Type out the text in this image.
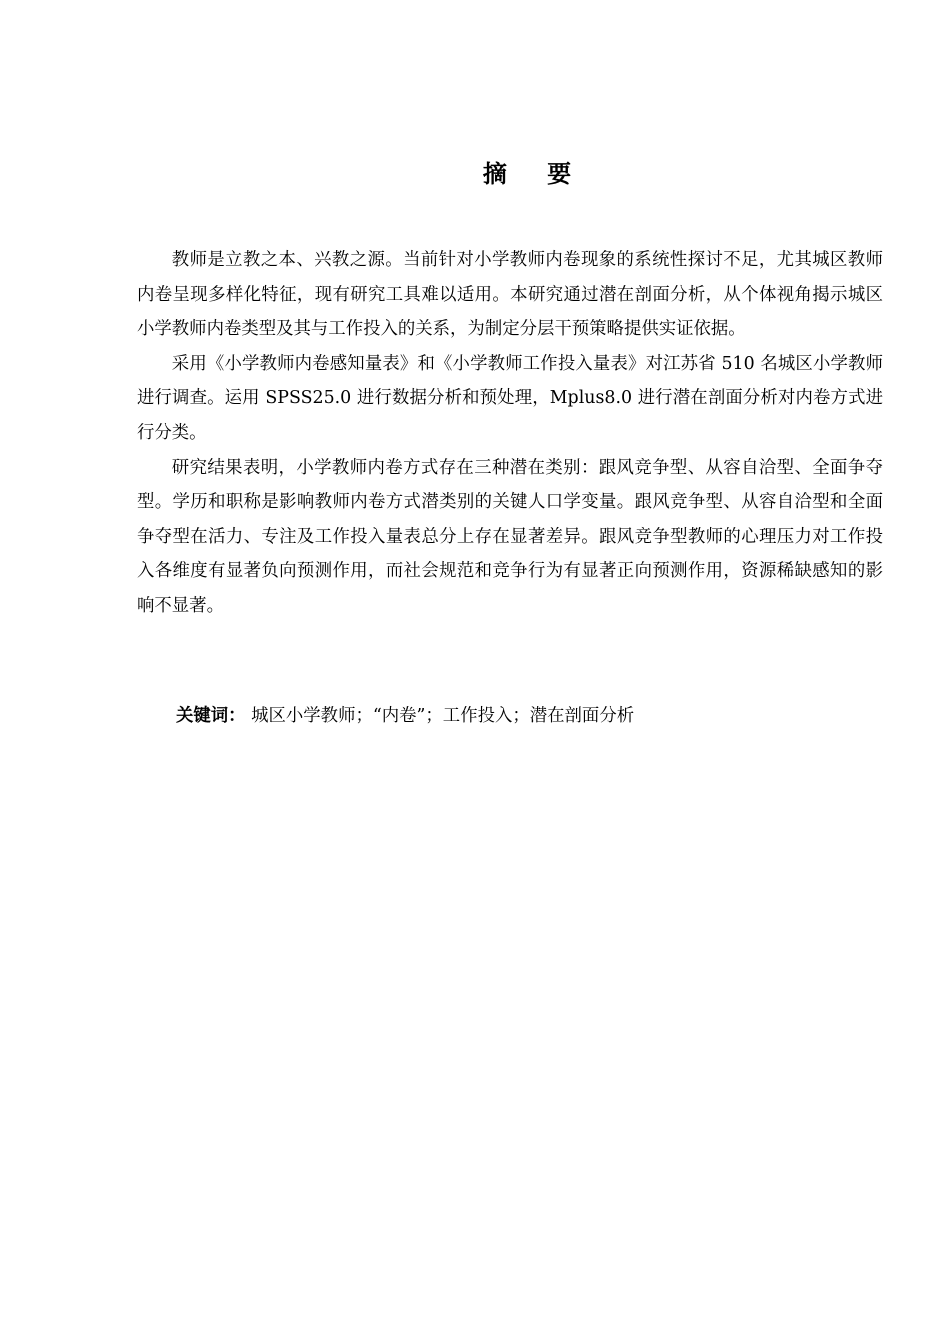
摘 要

教师是立教之本、兴教之源。当前针对小学教师内卷现象的系统性探讨不足，尤其城区教师内卷呈现多样化特征，现有研究工具难以适用。本研究通过潜在剖面分析，从个体视角揭示城区小学教师内卷类型及其与工作投入的关系，为制定分层干预策略提供实证依据。

采用《小学教师内卷感知量表》和《小学教师工作投入量表》对江苏省 510 名城区小学教师进行调查。运用 SPSS25.0 进行数据分析和预处理，Mplus8.0 进行潜在剖面分析对内卷方式进行分类。

研究结果表明，小学教师内卷方式存在三种潜在类别：跟风竞争型、从容自洽型、全面争夺型。学历和职称是影响教师内卷方式潜类别的关键人口学变量。跟风竞争型、从容自洽型和全面争夺型在活力、专注及工作投入量表总分上存在显著差异。跟风竞争型教师的心理压力对工作投入各维度有显著负向预测作用，而社会规范和竞争行为有显著正向预测作用，资源稀缺感知的影响不显著。

关键词： 城区小学教师；“内卷”；工作投入；潜在剖面分析
